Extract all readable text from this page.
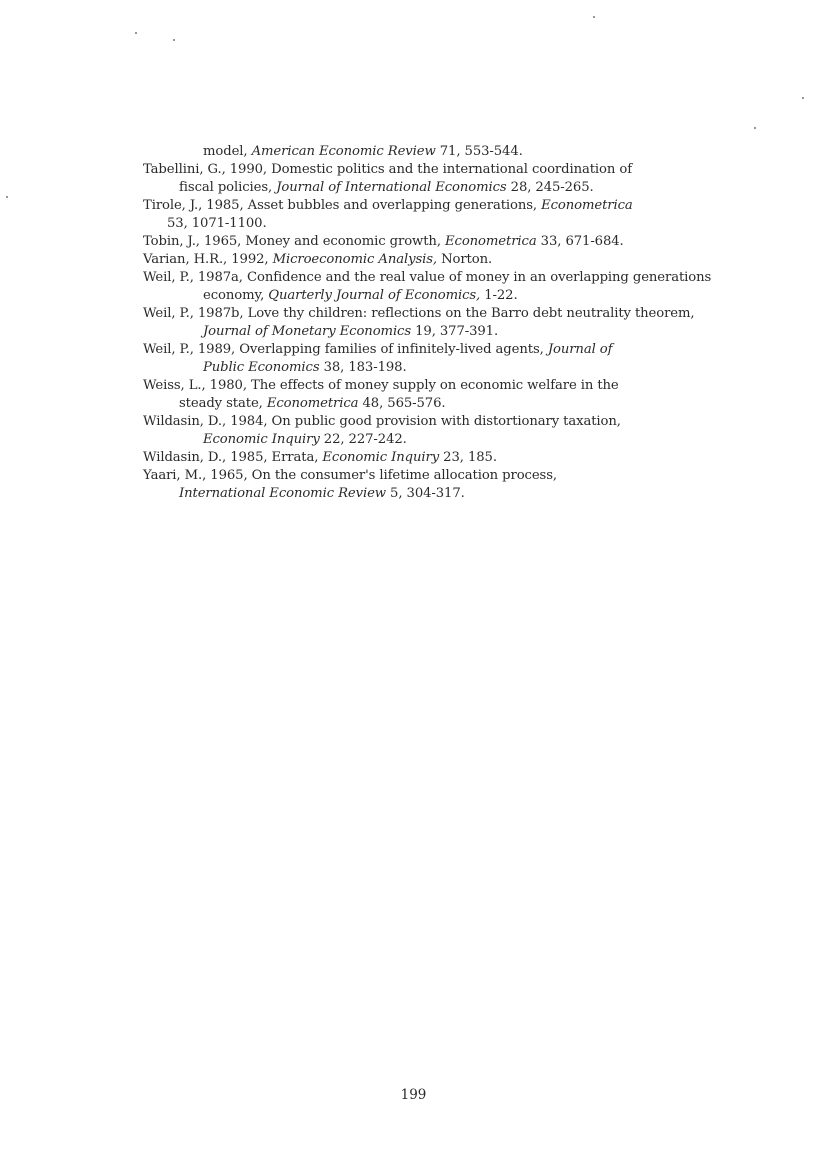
model, American Economic Review 71, 553-544.
Tabellini, G., 1990, Domestic politics and the international coordination of
fiscal policies, Journal of International Economics 28, 245-265.
Tirole, J., 1985, Asset bubbles and overlapping generations, Econometrica
53, 1071-1100.
Tobin, J., 1965, Money and economic growth, Econometrica 33, 671-684.
Varian, H.R., 1992, Microeconomic Analysis, Norton.
Weil, P., 1987a, Confidence and the real value of money in an overlapping generations
economy, Quarterly Journal of Economics, 1-22.
Weil, P., 1987b, Love thy children: reflections on the Barro debt neutrality theorem,
Journal of Monetary Economics 19, 377-391.
Weil, P., 1989, Overlapping families of infinitely-lived agents, Journal of
Public Economics 38, 183-198.
Weiss, L., 1980, The effects of money supply on economic welfare in the
steady state, Econometrica 48, 565-576.
Wildasin, D., 1984, On public good provision with distortionary taxation,
Economic Inquiry 22, 227-242.
Wildasin, D., 1985, Errata, Economic Inquiry 23, 185.
Yaari, M., 1965, On the consumer's lifetime allocation process,
International Economic Review 5, 304-317.
199
